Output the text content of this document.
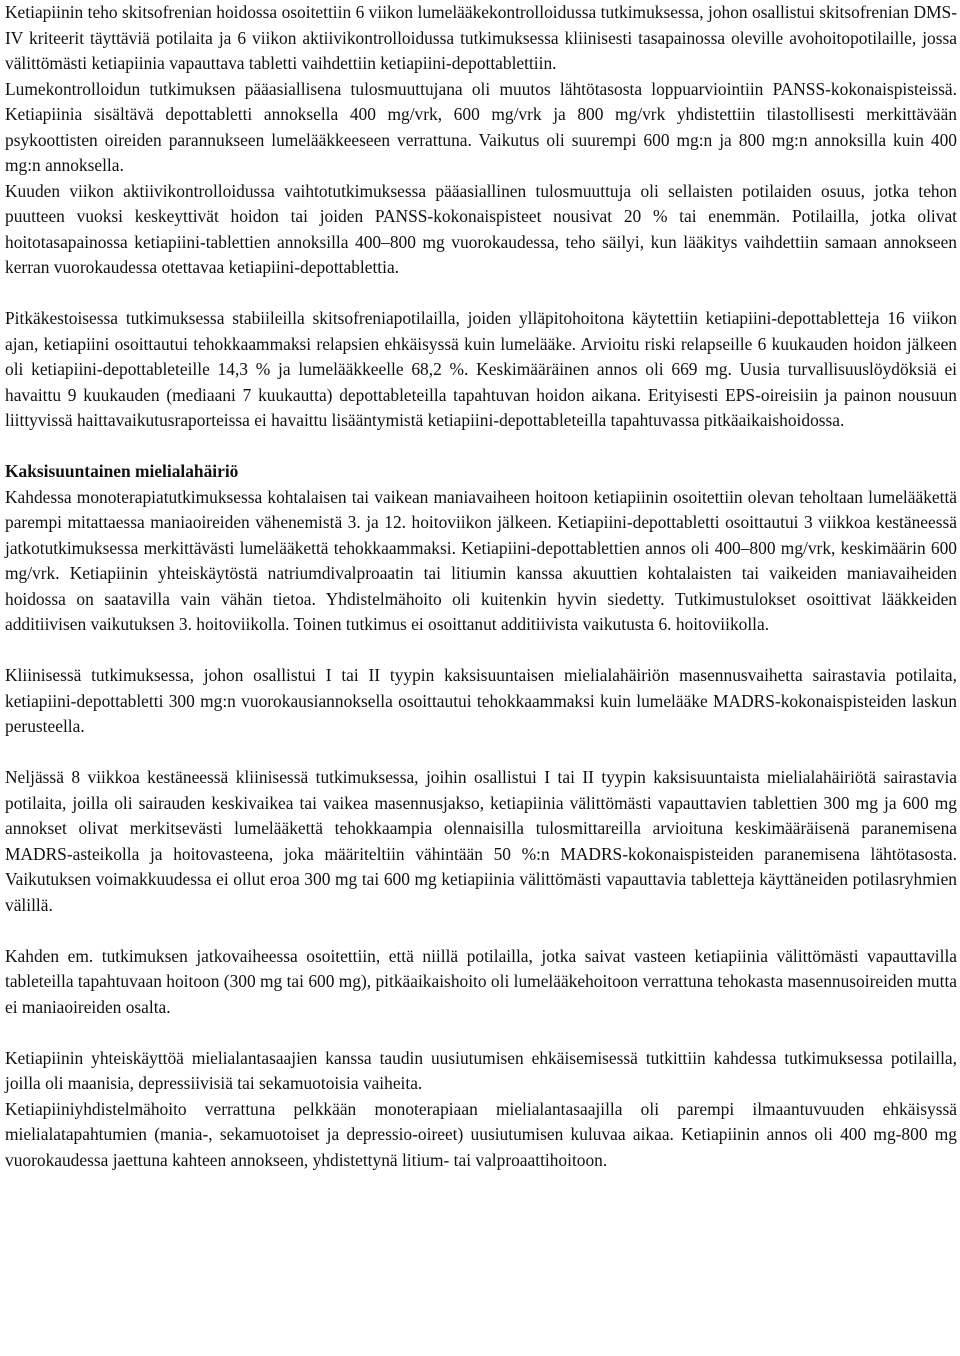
Ketiapiinin teho skitsofrenian hoidossa osoitettiin 6 viikon lumelääkekontrolloidussa tutkimuksessa, johon osallistui skitsofrenian DMS-IV kriteerit täyttäviä potilaita ja 6 viikon aktiivikontrolloidussa tutkimuksessa kliinisesti tasapainossa oleville avohoitopotilaille, jossa välittömästi ketiapiinia vapauttava tabletti vaihdettiin ketiapiini-depottablettiin.

Lumekontrolloidun tutkimuksen pääasiallisena tulosmuuttujana oli muutos lähtötasosta loppuarviointiin PANSS-kokonaispisteissä. Ketiapiinia sisältävä depottabletti annoksella 400 mg/vrk, 600 mg/vrk ja 800 mg/vrk yhdistettiin tilastollisesti merkittävään psykoottisten oireiden parannukseen lumelääkkeeseen verrattuna. Vaikutus oli suurempi 600 mg:n ja 800 mg:n annoksilla kuin 400 mg:n annoksella.

Kuuden viikon aktiivikontrolloidussa vaihtotutkimuksessa pääasiallinen tulosmuuttuja oli sellaisten potilaiden osuus, jotka tehon puutteen vuoksi keskeyttivät hoidon tai joiden PANSS-kokonaispisteet nousivat 20 % tai enemmän. Potilailla, jotka olivat hoitotasapainossa ketiapiini-tablettien annoksilla 400–800 mg vuorokaudessa, teho säilyi, kun lääkitys vaihdettiin samaan annokseen kerran vuorokaudessa otettavaa ketiapiini-depottablettia.

Pitkäkestoisessa tutkimuksessa stabiileilla skitsofreniapotilailla, joiden ylläpitohoitona käytettiin ketiapiini-depottabletteja 16 viikon ajan, ketiapiini osoittautui tehokkaammaksi relapsien ehkäisyssä kuin lumelääke. Arvioitu riski relapseille 6 kuukauden hoidon jälkeen oli ketiapiini-depottableteille 14,3 % ja lumelääkkeelle 68,2 %. Keskimääräinen annos oli 669 mg. Uusia turvallisuuslöydöksiä ei havaittu 9 kuukauden (mediaani 7 kuukautta) depottableteilla tapahtuvan hoidon aikana. Erityisesti EPS-oireisiin ja painon nousuun liittyvissä haittavaikutusraporteissa ei havaittu lisääntymistä ketiapiini-depottableteilla tapahtuvassa pitkäaikaishoidossa.

Kaksisuuntainen mielialahäiriö

Kahdessa monoterapiatutkimuksessa kohtalaisen tai vaikean maniavaiheen hoitoon ketiapiinin osoitettiin olevan teholtaan lumelääkettä parempi mitattaessa maniaoireiden vähenemistä 3. ja 12. hoitoviikon jälkeen. Ketiapiini-depottabletti osoittautui 3 viikkoa kestäneessä jatkotutkimuksessa merkittävästi lumelääkettä tehokkaammaksi. Ketiapiini-depottablettien annos oli 400–800 mg/vrk, keskimäärin 600 mg/vrk. Ketiapiinin yhteiskäytöstä natriumdivalproaatin tai litiumin kanssa akuuttien kohtalaisten tai vaikeiden maniavaiheiden hoidossa on saatavilla vain vähän tietoa. Yhdistelmähoito oli kuitenkin hyvin siedetty. Tutkimustulokset osoittivat lääkkeiden additiivisen vaikutuksen 3. hoitoviikolla. Toinen tutkimus ei osoittanut additiivista vaikutusta 6. hoitoviikolla.

Kliinisessä tutkimuksessa, johon osallistui I tai II tyypin kaksisuuntaisen mielialahäiriön masennusvaihetta sairastavia potilaita, ketiapiini-depottabletti 300 mg:n vuorokausiannoksella osoittautui tehokkaammaksi kuin lumelääke MADRS-kokonaispisteiden laskun perusteella.

Neljässä 8 viikkoa kestäneessä kliinisessä tutkimuksessa, joihin osallistui I tai II tyypin kaksisuuntaista mielialahäiriötä sairastavia potilaita, joilla oli sairauden keskivaikea tai vaikea masennusjakso, ketiapiinia välittömästi vapauttavien tablettien 300 mg ja 600 mg annokset olivat merkitsevästi lumelääkettä tehokkaampia olennaisilla tulosmittareilla arvioituna keskimääräisenä paranemisena MADRS-asteikolla ja hoitovasteena, joka määriteltiin vähintään 50 %:n MADRS-kokonaispisteiden paranemisena lähtötasosta. Vaikutuksen voimakkuudessa ei ollut eroa 300 mg tai 600 mg ketiapiinia välittömästi vapauttavia tabletteja käyttäneiden potilasryhmien välillä.

Kahden em. tutkimuksen jatkovaiheessa osoitettiin, että niillä potilailla, jotka saivat vasteen ketiapiinia välittömästi vapauttavilla tableteilla tapahtuvaan hoitoon (300 mg tai 600 mg), pitkäaikaishoito oli lumelääkehoitoon verrattuna tehokasta masennusoireiden mutta ei maniaoireiden osalta.

Ketiapiinin yhteiskäyttöä mielialantasaajien kanssa taudin uusiutumisen ehkäisemisessä tutkittiin kahdessa tutkimuksessa potilailla, joilla oli maanisia, depressiivisiä tai sekamuotoisia vaiheita.

Ketiapiiniyhdistelmähoito verrattuna pelkkään monoterapiaan mielialantasaajilla oli parempi ilmaantuvuuden ehkäisyssä mielialatapahtumien (mania-, sekamuotoiset ja depressio-oireet) uusiutumisen kuluvaa aikaa. Ketiapiinin annos oli 400 mg-800 mg vuorokaudessa jaettuna kahteen annokseen, yhdistettynä litium- tai valproaattihoitoon.
